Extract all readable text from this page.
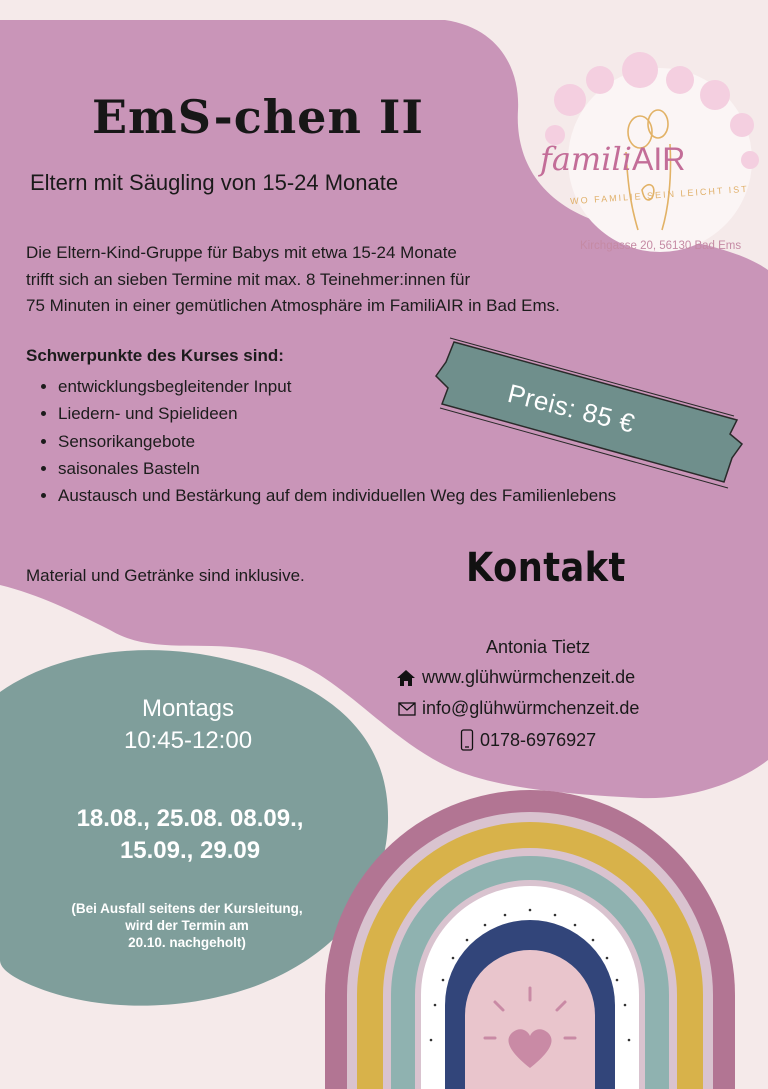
familiAIR
WO FAMILIE SEIN LEICHT IST
Kirchgasse 20, 56130 Bad Ems
EmS-chen II
Eltern mit Säugling von 15-24 Monate
Die Eltern-Kind-Gruppe für Babys mit etwa 15-24 Monate
trifft sich an sieben Termine mit max. 8 Teinehmer:innen für
75 Minuten in einer gemütlichen Atmosphäre im FamiliAIR in Bad Ems.
Schwerpunkte des Kurses sind:
• entwicklungsbegleitender Input
• Liedern- und Spielideen
• Sensorikangebote
• saisonales Basteln
• Austausch und Bestärkung auf dem individuellen Weg des Familienlebens
Material und Getränke sind inklusive.
Preis: 85 €
Kontakt
Antonia Tietz
www.glühwürmchenzeit.de
info@glühwürmchenzeit.de
0178-6976927
Montags
10:45-12:00
18.08., 25.08. 08.09.,
15.09., 29.09
(Bei Ausfall seitens der Kursleitung,
wird der Termin am
20.10. nachgeholt)
